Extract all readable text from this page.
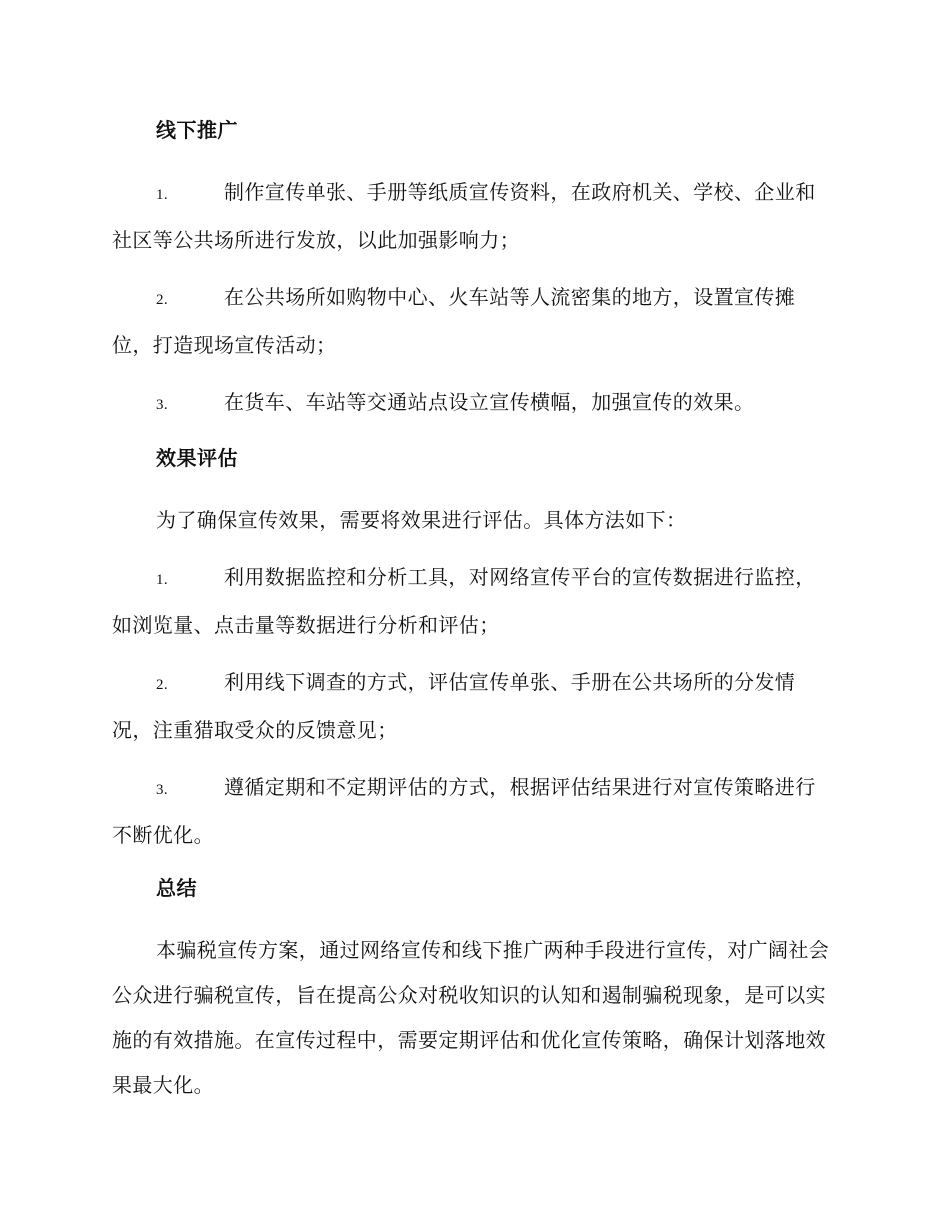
线下推广
1.	制作宣传单张、手册等纸质宣传资料，在政府机关、学校、企业和社区等公共场所进行发放，以此加强影响力；
2.	在公共场所如购物中心、火车站等人流密集的地方，设置宣传摊位，打造现场宣传活动；
3.	在货车、车站等交通站点设立宣传横幅，加强宣传的效果。
效果评估
为了确保宣传效果，需要将效果进行评估。具体方法如下：
1.	利用数据监控和分析工具，对网络宣传平台的宣传数据进行监控，如浏览量、点击量等数据进行分析和评估；
2.	利用线下调查的方式，评估宣传单张、手册在公共场所的分发情况，注重猎取受众的反馈意见；
3.	遵循定期和不定期评估的方式，根据评估结果进行对宣传策略进行不断优化。
总结
本骗税宣传方案，通过网络宣传和线下推广两种手段进行宣传，对广阔社会公众进行骗税宣传，旨在提高公众对税收知识的认知和遏制骗税现象，是可以实施的有效措施。在宣传过程中，需要定期评估和优化宣传策略，确保计划落地效果最大化。
